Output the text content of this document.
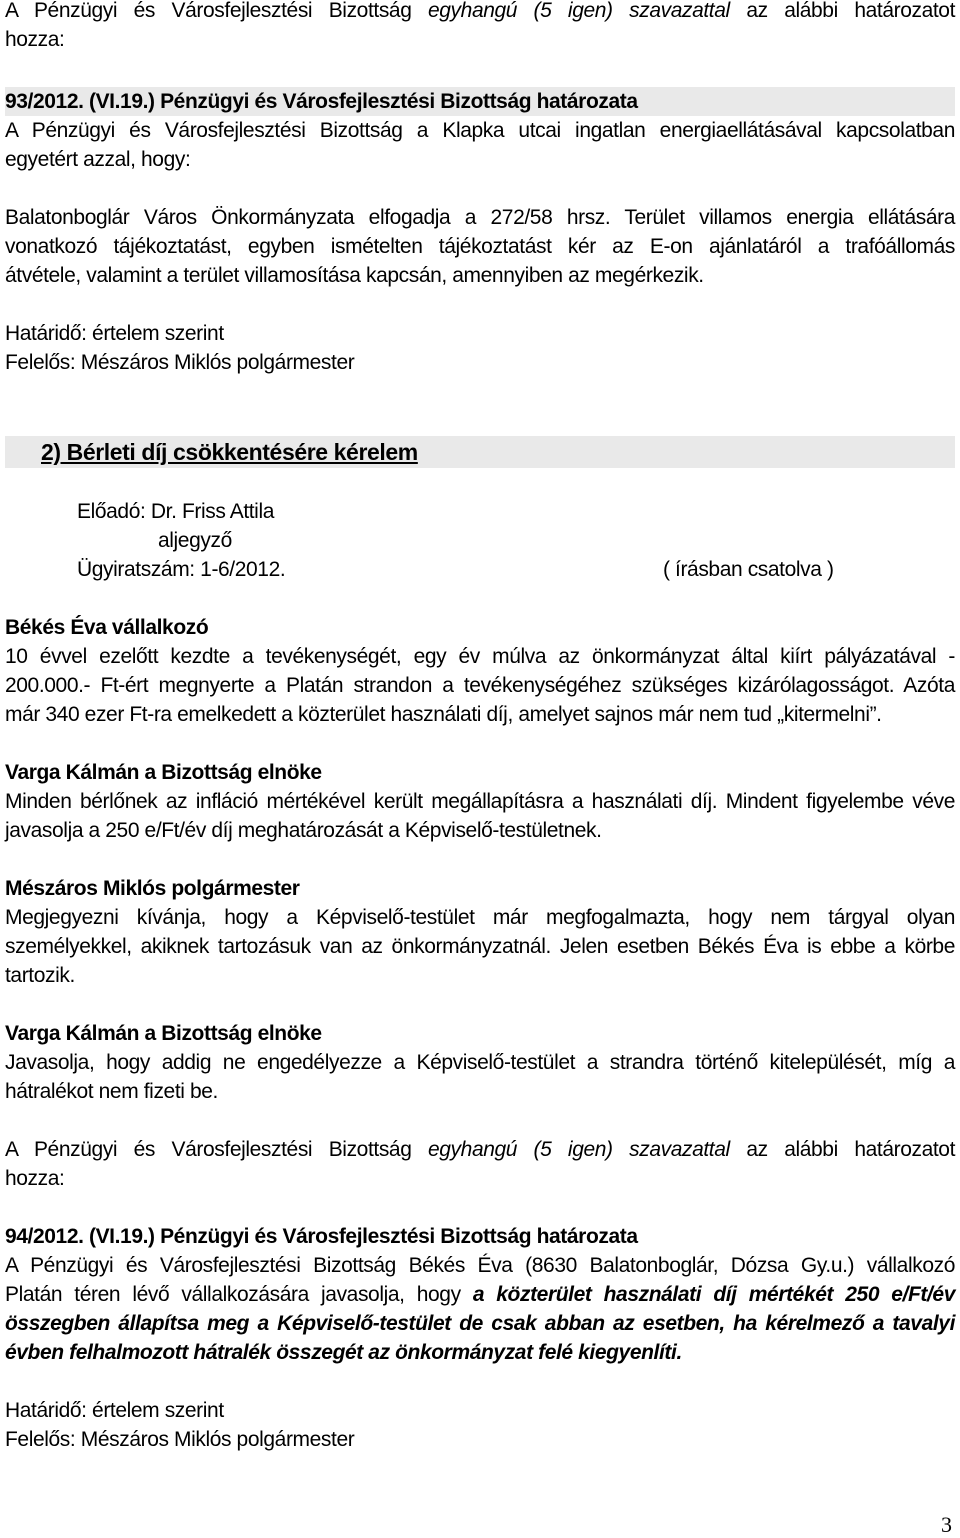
A Pénzügyi és Városfejlesztési Bizottság egyhangú (5 igen) szavazattal az alábbi határozatot
hozza:
93/2012. (VI.19.) Pénzügyi és Városfejlesztési Bizottság határozata
A Pénzügyi és Városfejlesztési Bizottság a Klapka utcai ingatlan energiaellátásával kapcsolatban
egyetért azzal, hogy:
Balatonboglár Város Önkormányzata elfogadja a 272/58 hrsz. Terület villamos energia ellátására
vonatkozó tájékoztatást, egyben ismételten tájékoztatást kér az E-on ajánlatáról a trafóállomás
átvétele, valamint a terület villamosítása kapcsán, amennyiben az megérkezik.
Határidő: értelem szerint
Felelős: Mészáros Miklós polgármester
2) Bérleti díj csökkentésére kérelem
Előadó: Dr. Friss Attila
aljegyző
Ügyiratszám: 1-6/2012.	( írásban csatolva )
Békés Éva vállalkozó
10 évvel ezelőtt kezdte a tevékenységét, egy év múlva az önkormányzat által kiírt pályázatával -
200.000.- Ft-ért megnyerte a Platán strandon a tevékenységéhez szükséges kizárólagosságot. Azóta
már 340 ezer Ft-ra emelkedett a közterület használati díj, amelyet sajnos már nem tud „kitermelni”.
Varga Kálmán a Bizottság elnöke
Minden bérlőnek az infláció mértékével került megállapításra a használati díj. Mindent figyelembe véve
javasolja a 250 e/Ft/év díj meghatározását a Képviselő-testületnek.
Mészáros Miklós polgármester
Megjegyezni kívánja, hogy a Képviselő-testület már megfogalmazta, hogy nem tárgyal olyan
személyekkel, akiknek tartozásuk van az önkormányzatnál. Jelen esetben Békés Éva is ebbe a körbe
tartozik.
Varga Kálmán a Bizottság elnöke
Javasolja, hogy addig ne engedélyezze a Képviselő-testület a strandra történő kitelepülését, míg a
hátralékot nem fizeti be.
A Pénzügyi és Városfejlesztési Bizottság egyhangú (5 igen) szavazattal az alábbi határozatot
hozza:
94/2012. (VI.19.) Pénzügyi és Városfejlesztési Bizottság határozata
A Pénzügyi és Városfejlesztési Bizottság Békés Éva (8630 Balatonboglár, Dózsa Gy.u.) vállalkozó
Platán téren lévő vállalkozására javasolja, hogy a közterület használati díj mértékét 250 e/Ft/év
összegben állapítsa meg a Képviselő-testület de csak abban az esetben, ha kérelmező a tavalyi
évben felhalmozott hátralék összegét az önkormányzat felé kiegyenlíti.
Határidő: értelem szerint
Felelős: Mészáros Miklós polgármester
3
